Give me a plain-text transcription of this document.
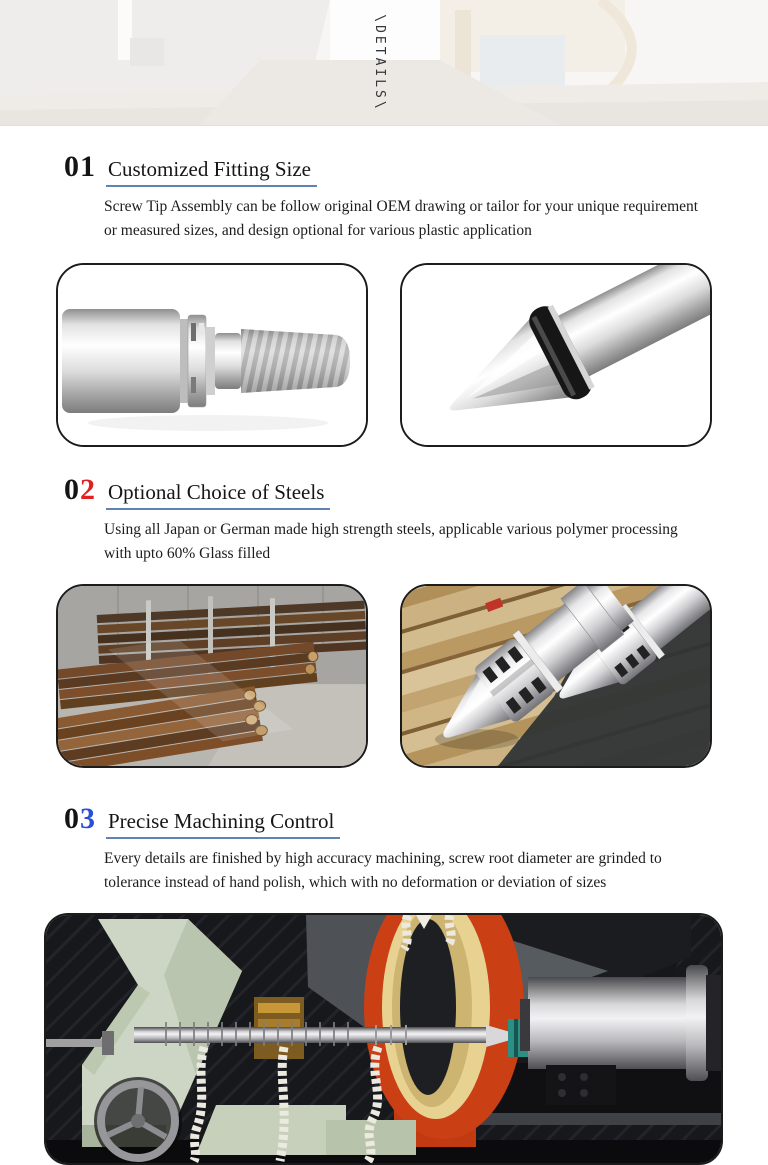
\DETAILS\
01 Customized Fitting Size

Screw Tip Assembly can be follow original OEM drawing or tailor for your unique requirement or measured sizes, and design optional for various plastic application

02 Optional Choice of Steels

Using all Japan or German made high strength steels, applicable various polymer processing with upto 60% Glass filled

03 Precise Machining Control

Every details are finished by high accuracy machining, screw root diameter are grinded to tolerance instead of hand polish, which with no deformation or deviation of sizes
